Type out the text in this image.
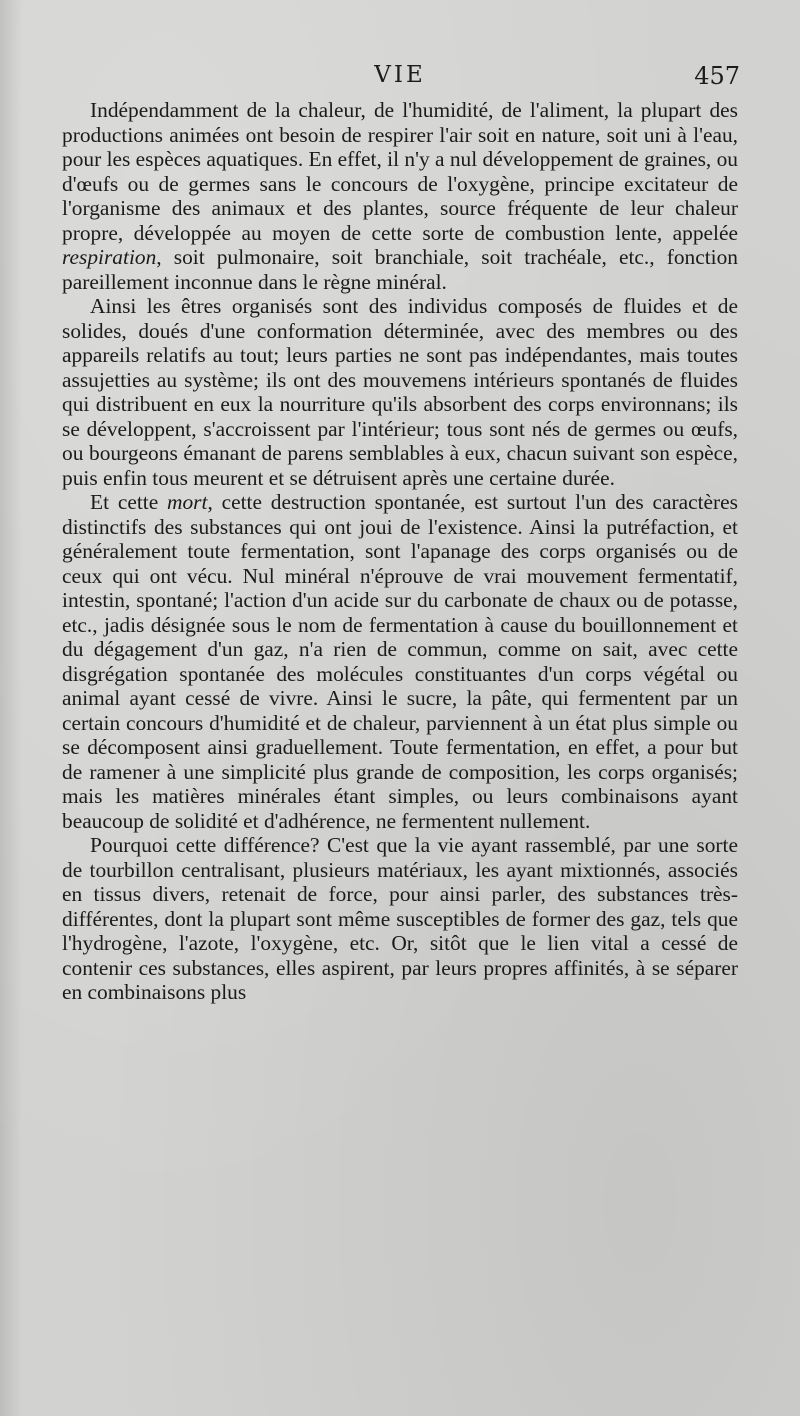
VIE	457

Indépendamment de la chaleur, de l'humidité, de l'aliment, la plupart des productions animées ont besoin de respirer l'air soit en nature, soit uni à l'eau, pour les espèces aquatiques. En effet, il n'y a nul développement de graines, ou d'œufs ou de germes sans le concours de l'oxygène, principe excitateur de l'organisme des animaux et des plantes, source fréquente de leur chaleur propre, développée au moyen de cette sorte de combustion lente, appelée respiration, soit pulmonaire, soit branchiale, soit trachéale, etc., fonction pareillement inconnue dans le règne minéral.

Ainsi les êtres organisés sont des individus composés de fluides et de solides, doués d'une conformation déterminée, avec des membres ou des appareils relatifs au tout; leurs parties ne sont pas indépendantes, mais toutes assujetties au système; ils ont des mouvemens intérieurs spontanés de fluides qui distribuent en eux la nourriture qu'ils absorbent des corps environnans; ils se développent, s'accroissent par l'intérieur; tous sont nés de germes ou œufs, ou bourgeons émanant de parens semblables à eux, chacun suivant son espèce, puis enfin tous meurent et se détruisent après une certaine durée.

Et cette mort, cette destruction spontanée, est surtout l'un des caractères distinctifs des substances qui ont joui de l'existence. Ainsi la putréfaction, et généralement toute fermentation, sont l'apanage des corps organisés ou de ceux qui ont vécu. Nul minéral n'éprouve de vrai mouvement fermentatif, intestin, spontané; l'action d'un acide sur du carbonate de chaux ou de potasse, etc., jadis désignée sous le nom de fermentation à cause du bouillonnement et du dégagement d'un gaz, n'a rien de commun, comme on sait, avec cette disgrégation spontanée des molécules constituantes d'un corps végétal ou animal ayant cessé de vivre. Ainsi le sucre, la pâte, qui fermentent par un certain concours d'humidité et de chaleur, parviennent à un état plus simple ou se décomposent ainsi graduellement. Toute fermentation, en effet, a pour but de ramener à une simplicité plus grande de composition, les corps organisés; mais les matières minérales étant simples, ou leurs combinaisons ayant beaucoup de solidité et d'adhérence, ne fermentent nullement.

Pourquoi cette différence? C'est que la vie ayant rassemblé, par une sorte de tourbillon centralisant, plusieurs matériaux, les ayant mixtionnés, associés en tissus divers, retenait de force, pour ainsi parler, des substances très-différentes, dont la plupart sont même susceptibles de former des gaz, tels que l'hydrogène, l'azote, l'oxygène, etc. Or, sitôt que le lien vital a cessé de contenir ces substances, elles aspirent, par leurs propres affinités, à se séparer en combinaisons plus
